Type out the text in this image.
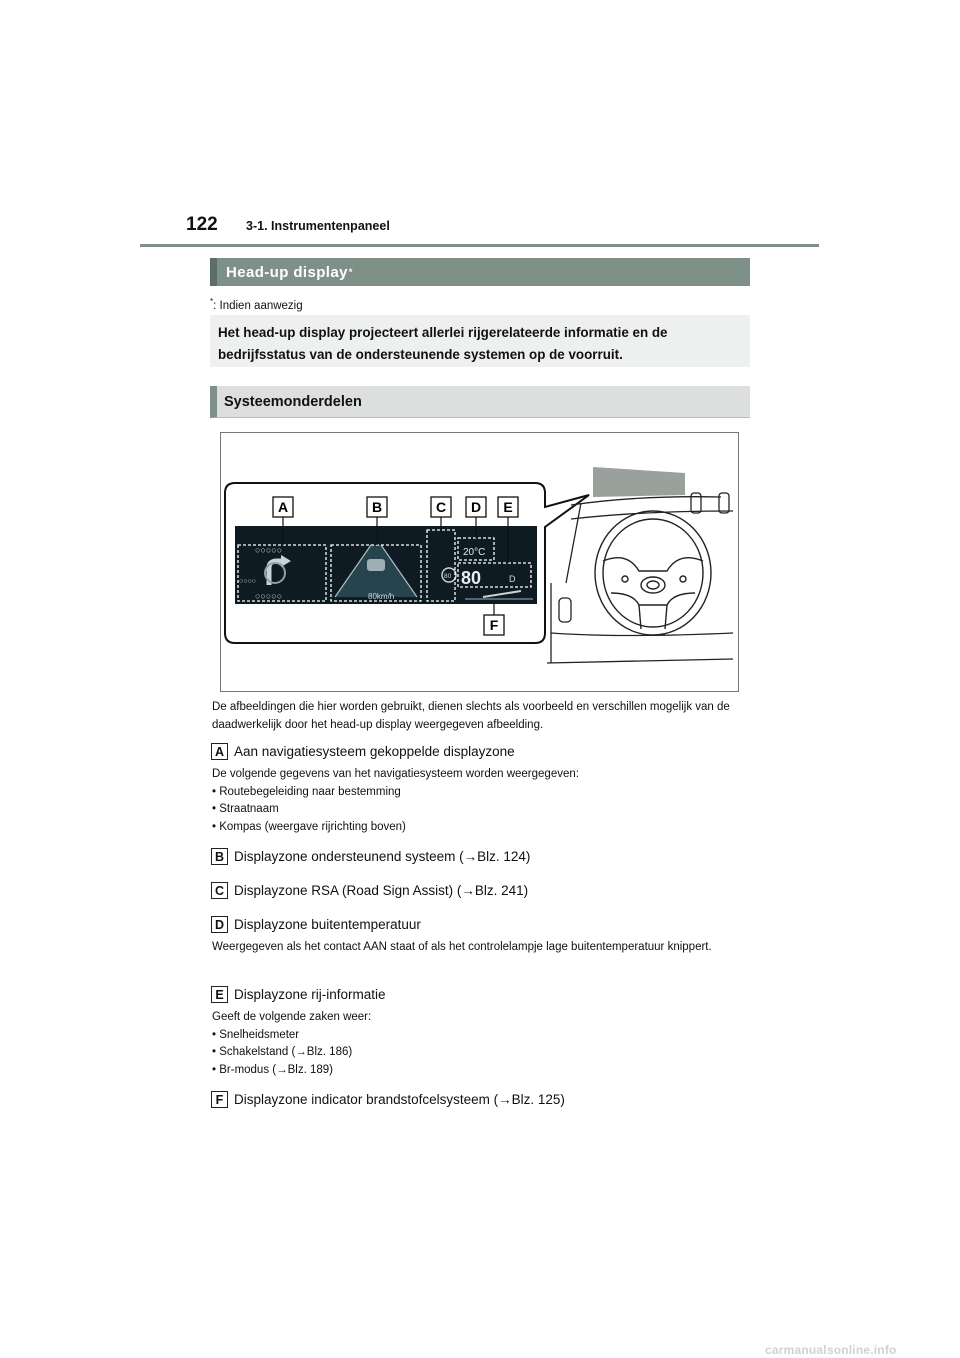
122 3-1. Instrumentenpaneel
Head-up display *
*: Indien aanwezig
Het head-up display projecteert allerlei rijgerelateerde informatie en de bedrijfsstatus van de ondersteunende systemen op de voorruit.
Systeemonderdelen
○○○○○
○○○○
○○○○○	80km/h
80
20°C
80	D
A	B	C D E
F
De afbeeldingen die hier worden gebruikt, dienen slechts als voorbeeld en verschillen mogelijk van de daadwerkelijk door het head-up display weergegeven afbeelding.
A Aan navigatiesysteem gekoppelde displayzone
De volgende gegevens van het navigatiesysteem worden weergegeven:
• Routebegeleiding naar bestemming
• Straatnaam
• Kompas (weergave rijrichting boven)
B Displayzone ondersteunend systeem (→Blz. 124)
C Displayzone RSA (Road Sign Assist) (→Blz. 241)
D Displayzone buitentemperatuur
Weergegeven als het contact AAN staat of als het controlelampje lage buitentemperatuur knippert.
E Displayzone rij-informatie
Geeft de volgende zaken weer:
• Snelheidsmeter
• Schakelstand (→Blz. 186)
• Br-modus (→Blz. 189)
F Displayzone indicator brandstofcelsysteem (→Blz. 125)
carmanualsonline.info
